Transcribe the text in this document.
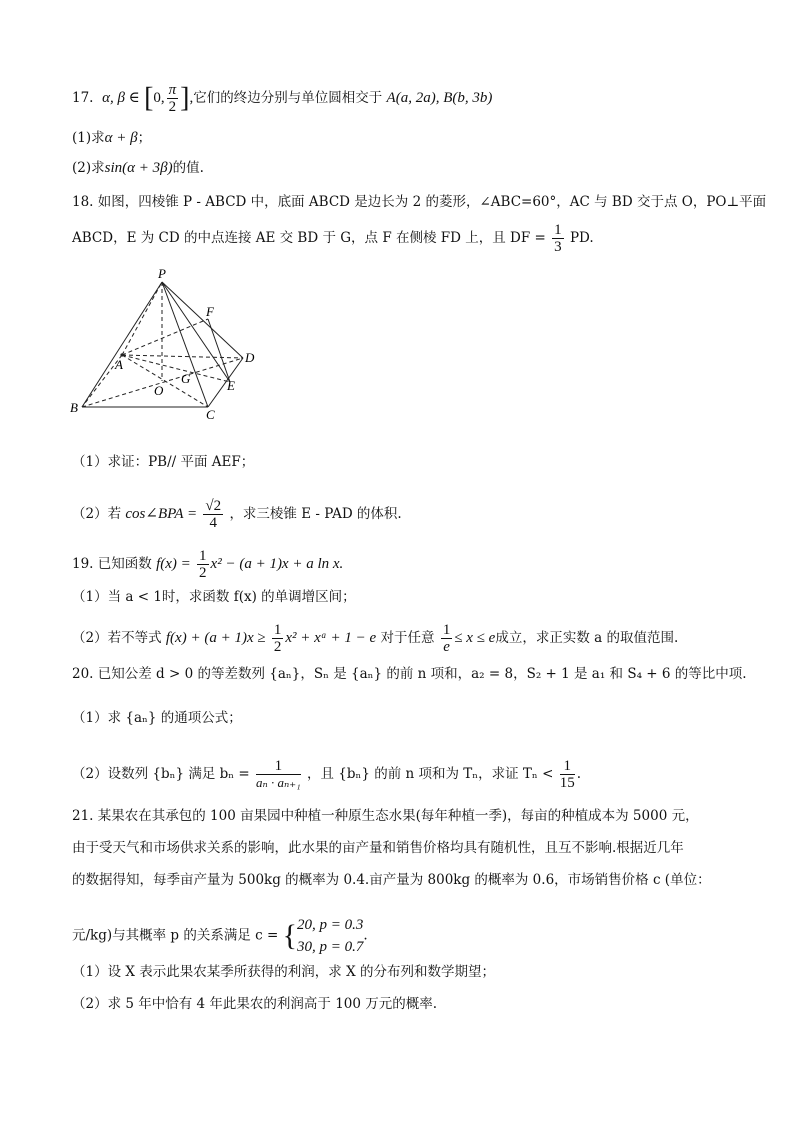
17. α, β ∈ [0, $\frac{\pi}{2}$ ],它们的终边分别与单位圆相交于 A(a, 2a), B(b, 3b)
(1)求α + β；
(2)求sin(α + 3β)的值.
18. 如图，四棱锥 P - ABCD 中，底面 ABCD 是边长为 2 的菱形，∠ABC=60°，AC 与 BD 交于点 O，PO⊥平面
ABCD，E 为 CD 的中点连接 AE 交 BD 于 G，点 F 在侧棱 FD 上，且 DF = $\frac{1}{3}$ PD.
P
F
A	D
G	E
O
B	C
（1）求证：PB// 平面 AEF；
（2）若 cos∠BPA = $\frac{√2}{4}$ ，求三棱锥 E - PAD 的体积.
19. 已知函数 $f(x) = \frac{1}{2} x^2 - (a + 1)x + a$ ln x.
（1）当 a < 1时，求函数 f(x) 的单调增区间；
（2）若不等式 $f(x) + (a + 1)x \ge \frac{1}{2} x^2$ + xᵃ + 1 − e 对于任意 $\frac{1}{e} \le x \le e$成立，求正实数 a 的取值范围.
20. 已知公差 d > 0 的等差数列 {aₙ}，Sₙ 是 {aₙ} 的前 n 项和，a₂ = 8，S₂ + 1 是 a₁ 和 S₄ + 6 的等比中项.
（1）求 {aₙ} 的通项公式；
（2）设数列 {bₙ} 满足 $b_n = \frac{1}{\text{aₙ · aₙ₊₁}}$ ，且 {bₙ} 的前 n 项和为 Tₙ，求证 $T_n < \frac{1}{15}$ .
21. 某果农在其承包的 100 亩果园中种植一种原生态水果(每年种植一季)，每亩的种植成本为 5000 元，
由于受天气和市场供求关系的影响，此水果的亩产量和销售价格均具有随机性，且互不影响.根据近几年
的数据得知，每季亩产量为 500kg 的概率为 0.4.亩产量为 800kg 的概率为 0.6，市场销售价格 c (单位：
元/kg)与其概率 p 的关系满足 c = { 20, p = 0.3
30, p = 0.7
.
（1）设 X 表示此果农某季所获得的利润，求 X 的分布列和数学期望；
（2）求 5 年中恰有 4 年此果农的利润高于 100 万元的概率.
